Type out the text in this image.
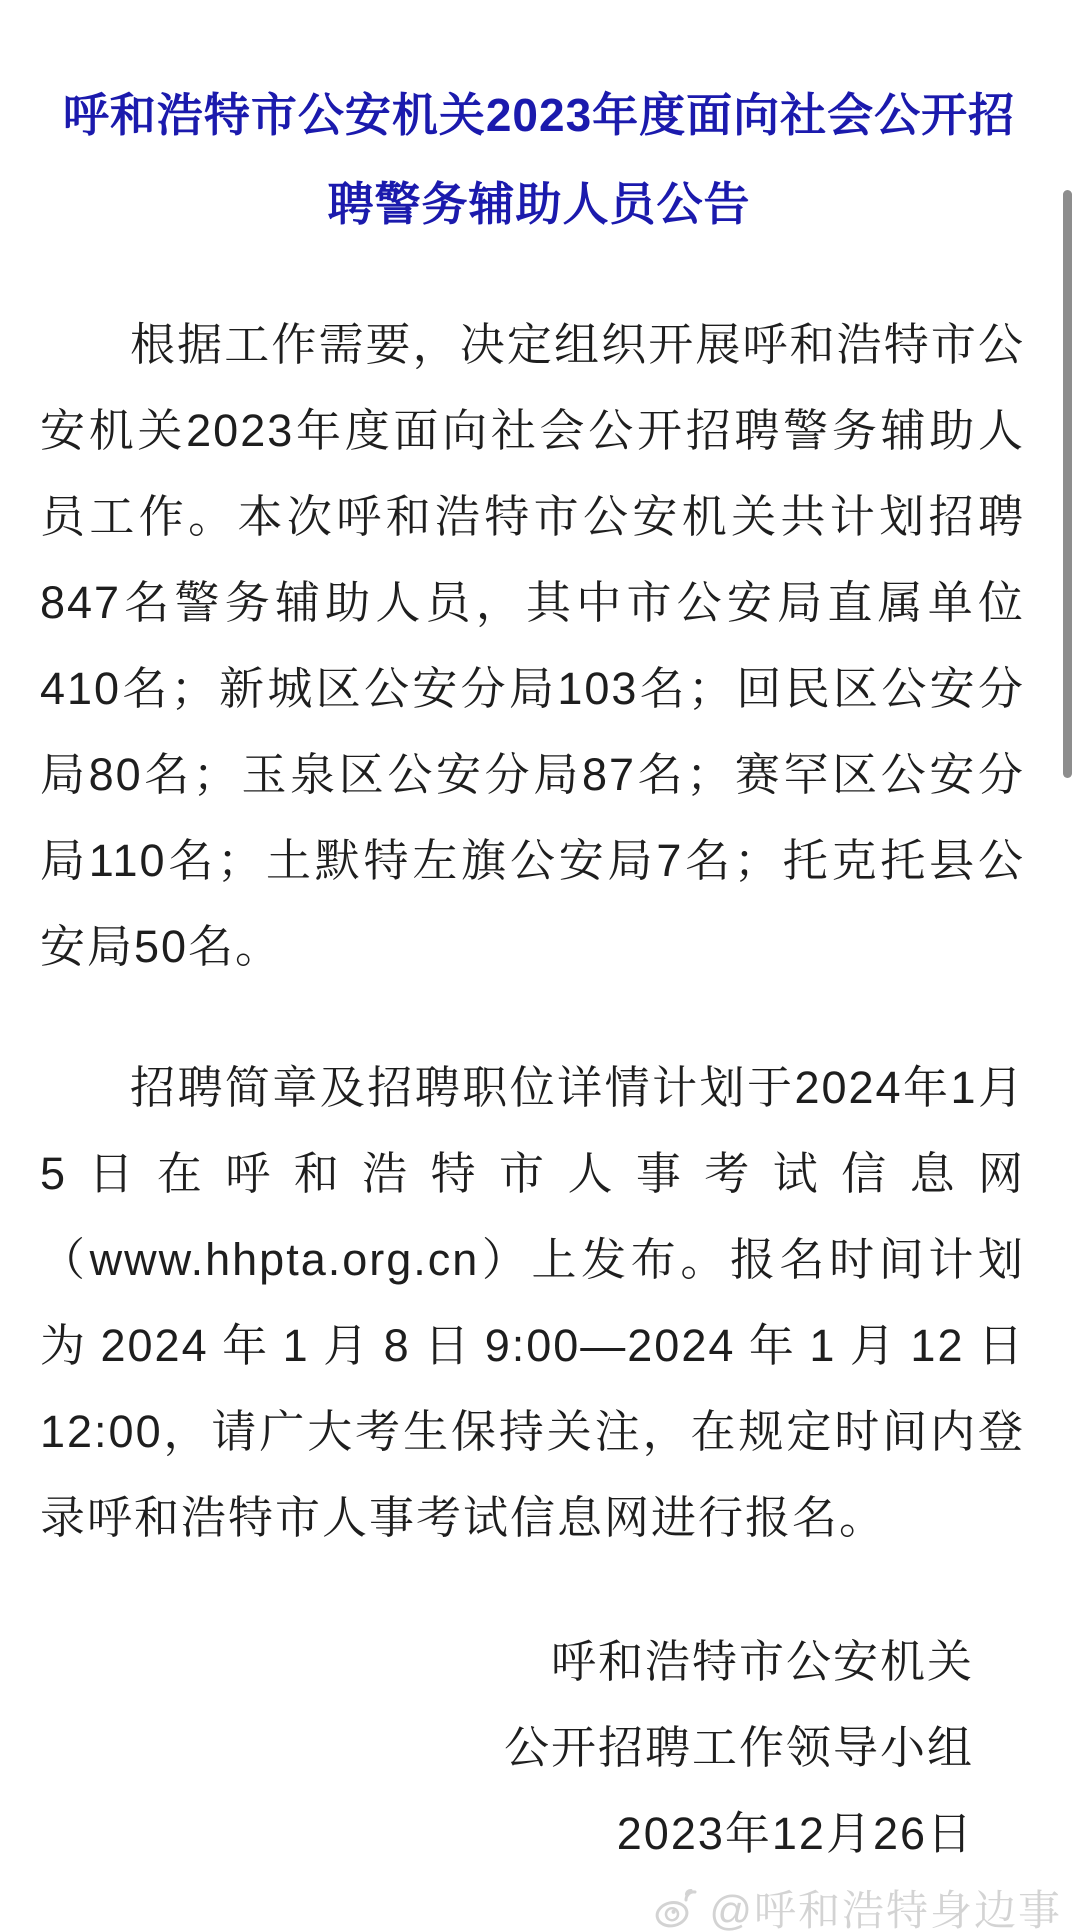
呼和浩特市公安机关2023年度面向社会公开招
聘警务辅助人员公告

根据工作需要，决定组织开展呼和浩特市公安机关2023年度面向社会公开招聘警务辅助人员工作。本次呼和浩特市公安机关共计划招聘847名警务辅助人员，其中市公安局直属单位410名；新城区公安分局103名；回民区公安分局80名；玉泉区公安分局87名；赛罕区公安分局110名；土默特左旗公安局7名；托克托县公安局50名。

招聘简章及招聘职位详情计划于2024年1月5日在呼和浩特市人事考试信息网（www.hhpta.org.cn）上发布。报名时间计划为2024年1月8日9:00—2024年1月12日12:00，请广大考生保持关注，在规定时间内登录呼和浩特市人事考试信息网进行报名。

呼和浩特市公安机关
公开招聘工作领导小组
2023年12月26日
@呼和浩特身边事
